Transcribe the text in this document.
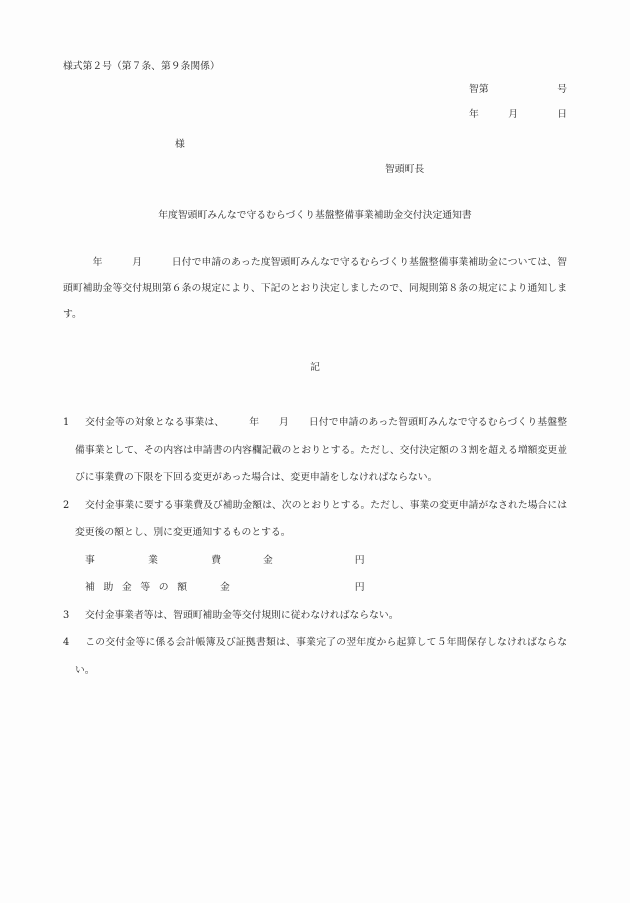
様式第２号（第７条、第９条関係）
智第　　　　　　　号
年　　　月　　　　日
様
智頭町長
年度智頭町みんなで守るむらづくり基盤整備事業補助金交付決定通知書
　　　年　　　月　　　日付で申請のあった度智頭町みんなで守るむらづくり基盤整備事業補助金については、智頭町補助金等交付規則第６条の規定により、下記のとおり決定しましたので、同規則第８条の規定により通知します。
記
1 交付金等の対象となる事業は、　　　年　　月　　日付で申請のあった智頭町みんなで守るむらづくり基盤整備事業として、その内容は申請書の内容欄記載のとおりとする。ただし、交付決定額の３割を超える増額変更並びに事業費の下限を下回る変更があった場合は、変更申請をしなければならない。
2 交付金事業に要する事業費及び補助金額は、次のとおりとする。ただし、事業の変更申請がなされた場合には変更後の額とし、別に変更通知するものとする。
事業費	金	円
補助金等の額	金	円
3 交付金事業者等は、智頭町補助金等交付規則に従わなければならない。
4 この交付金等に係る会計帳簿及び証拠書類は、事業完了の翌年度から起算して５年間保存しなければならない。
